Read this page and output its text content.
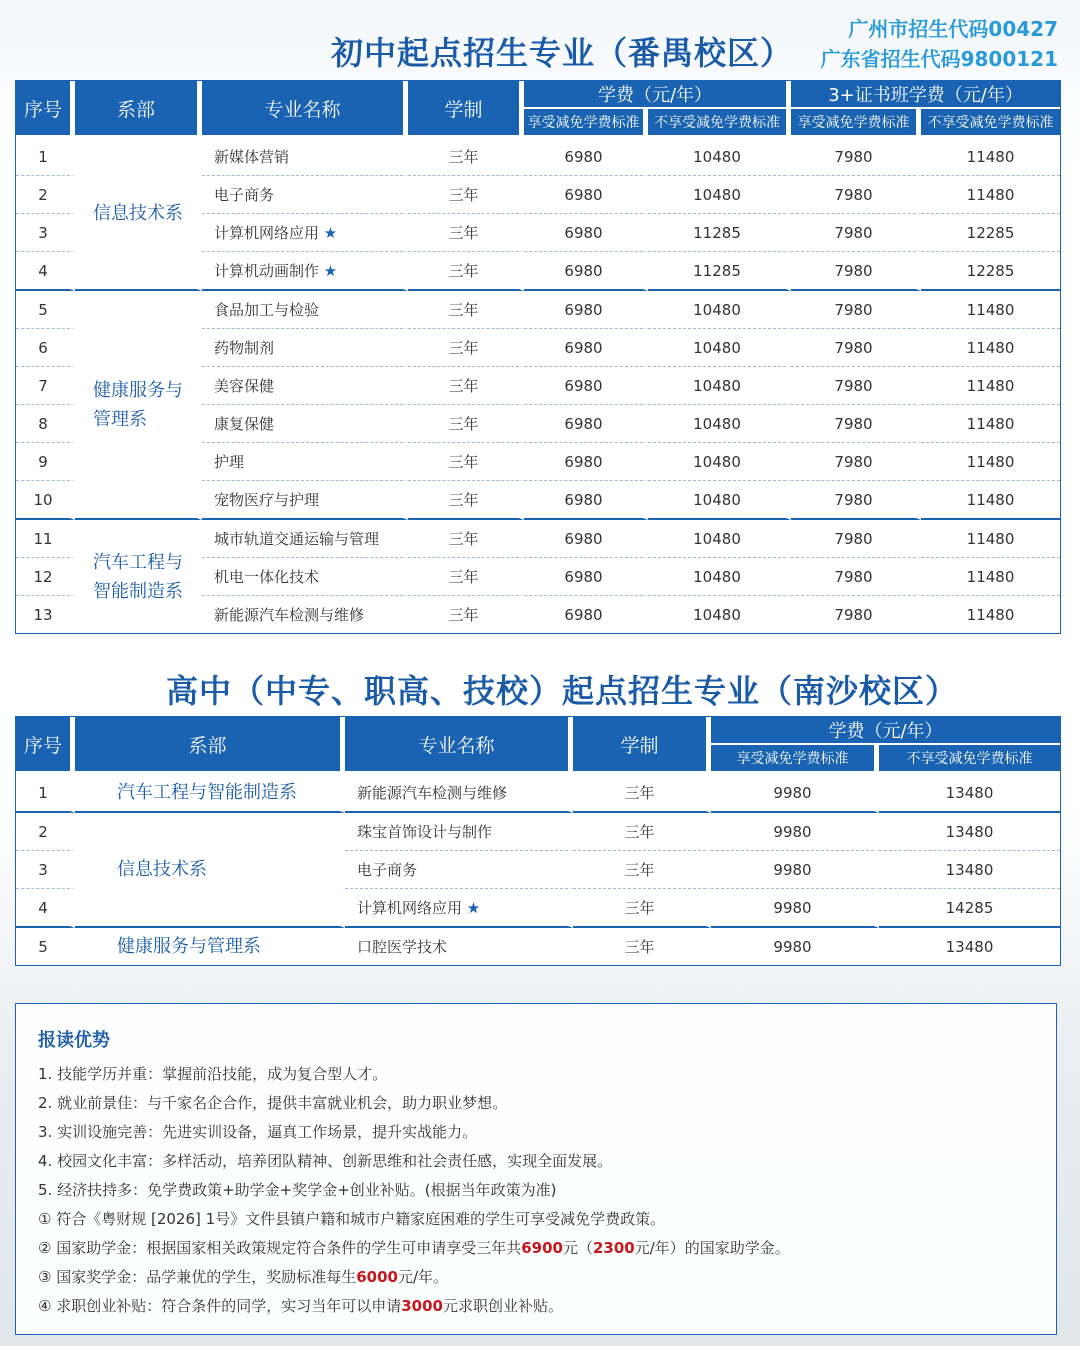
广州市招生代码00427
广东省招生代码9800121
初中起点招生专业（番禺校区）
序号	系部	专业名称	学制	学费（元/年）		3+证书班学费（元/年）	
				享受减免学费标准	不享受减免学费标准	享受减免学费标准	不享受减免学费标准
1	信息技术系	新媒体营销	三年	6980	10480	7980	11480
2		电子商务	三年	6980	10480	7980	11480
3		计算机网络应用 ★	三年	6980	11285	7980	12285
4		计算机动画制作 ★	三年	6980	11285	7980	12285
5	健康服务与管理系	食品加工与检验	三年	6980	10480	7980	11480
6		药物制剂	三年	6980	10480	7980	11480
7		美容保健	三年	6980	10480	7980	11480
8		康复保健	三年	6980	10480	7980	11480
9		护理	三年	6980	10480	7980	11480
10		宠物医疗与护理	三年	6980	10480	7980	11480
11	汽车工程与智能制造系	城市轨道交通运输与管理	三年	6980	10480	7980	11480
12		机电一体化技术	三年	6980	10480	7980	11480
13		新能源汽车检测与维修	三年	6980	10480	7980	11480
高中（中专、职高、技校）起点招生专业（南沙校区）
序号	系部	专业名称	学制	学费（元/年）	
				享受减免学费标准	不享受减免学费标准
1	汽车工程与智能制造系	新能源汽车检测与维修	三年	9980	13480
2	信息技术系	珠宝首饰设计与制作	三年	9980	13480
3		电子商务	三年	9980	13480
4		计算机网络应用 ★	三年	9980	14285
5	健康服务与管理系	口腔医学技术	三年	9980	13480
报读优势
1. 技能学历并重：掌握前沿技能，成为复合型人才。
2. 就业前景佳：与千家名企合作，提供丰富就业机会，助力职业梦想。
3. 实训设施完善：先进实训设备，逼真工作场景，提升实战能力。
4. 校园文化丰富：多样活动，培养团队精神、创新思维和社会责任感，实现全面发展。
5. 经济扶持多：免学费政策+助学金+奖学金+创业补贴。(根据当年政策为准)
① 符合《粤财规 [2026] 1号》文件县镇户籍和城市户籍家庭困难的学生可享受减免学费政策。
② 国家助学金：根据国家相关政策规定符合条件的学生可申请享受三年共6900元（2300元/年）的国家助学金。
③ 国家奖学金：品学兼优的学生，奖励标准每生6000元/年。
④ 求职创业补贴：符合条件的同学，实习当年可以申请3000元求职创业补贴。
